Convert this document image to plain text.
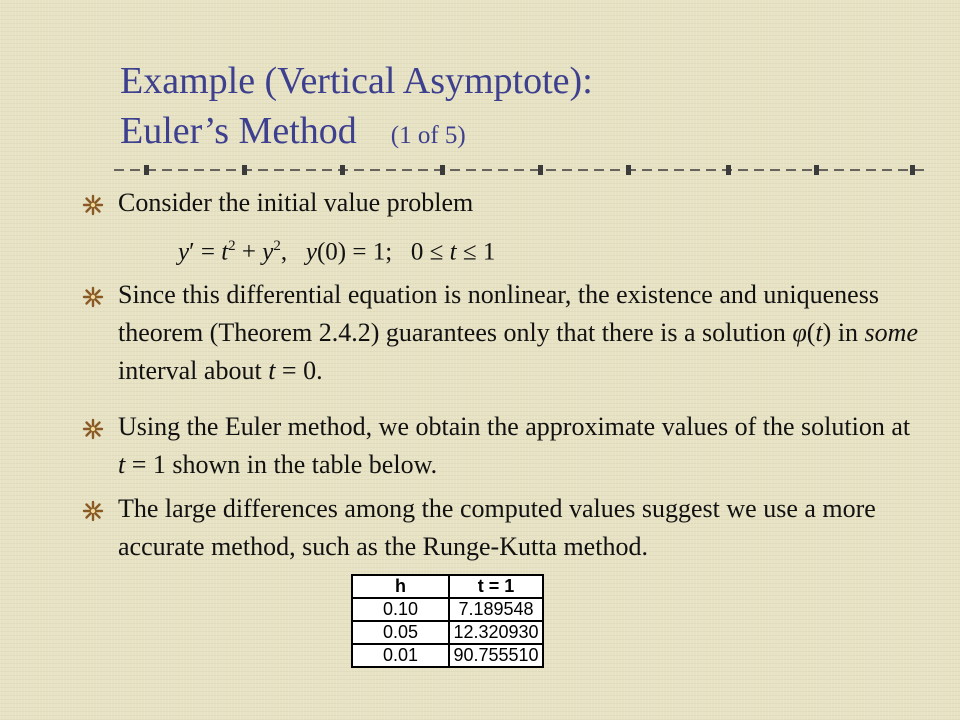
Example (Vertical Asymptote):
Euler’s Method (1 of 5)
Consider the initial value problem
$y' = t^2 + y^2$,   y(0) = 1;   0 ≤ t ≤ 1
Since this differential equation is nonlinear, the existence and uniqueness theorem (Theorem 2.4.2) guarantees only that there is a solution φ(t) in some interval about t = 0.
Using the Euler method, we obtain the approximate values of the solution at t = 1 shown in the table below.
The large differences among the computed values suggest we use a more accurate method, such as the Runge-Kutta method.
h	t = 1
0.10	7.189548
0.05	12.320930
0.01	90.755510
